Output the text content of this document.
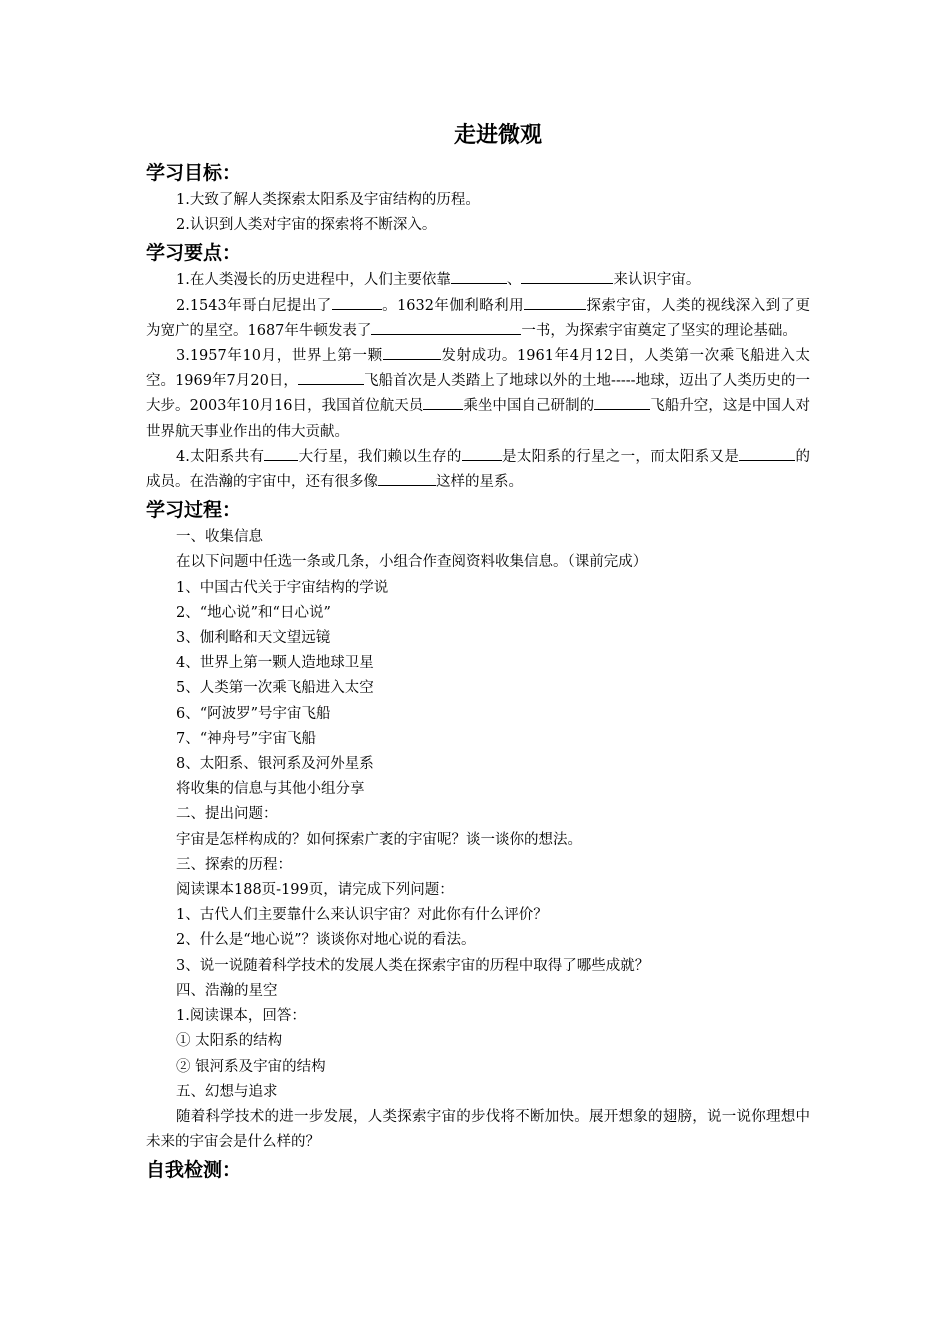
走进微观
学习目标：
1.大致了解人类探索太阳系及宇宙结构的历程。
2.认识到人类对宇宙的探索将不断深入。
学习要点：

1.在人类漫长的历史进程中，人们主要依靠	、	来认识宇宙。

2.1543年哥白尼提出了	。1632年伽利略利用	探索宇宙，人类的视线深入到了更为宽广的星空。1687年牛顿发表了	一书，为探索宇宙奠定了坚实的理论基础。

3.1957年10月，世界上第一颗	发射成功。1961年4月12日，人类第一次乘飞船进入太空。1969年7月20日，	飞船首次是人类踏上了地球以外的土地-----地球，迈出了人类历史的一大步。2003年10月16日，我国首位航天员	乘坐中国自己研制的	飞船升空，这是中国人对世界航天事业作出的伟大贡献。

4.太阳系共有 大行星，我们赖以生存的	是太阳系的行星之一，而太阳系又是	的成员。在浩瀚的宇宙中，还有很多像	这样的星系。

学习过程：
一、收集信息
在以下问题中任选一条或几条，小组合作查阅资料收集信息。（课前完成）
1、中国古代关于宇宙结构的学说
2、“地心说”和“日心说”
3、伽利略和天文望远镜
4、世界上第一颗人造地球卫星
5、人类第一次乘飞船进入太空
6、“阿波罗”号宇宙飞船
7、“神舟号”宇宙飞船
8、太阳系、银河系及河外星系
将收集的信息与其他小组分享
二、提出问题：
宇宙是怎样构成的？如何探索广袤的宇宙呢？谈一谈你的想法。
三、探索的历程：
阅读课本188页-199页，请完成下列问题：
1、古代人们主要靠什么来认识宇宙？对此你有什么评价？
2、什么是“地心说”？谈谈你对地心说的看法。
3、说一说随着科学技术的发展人类在探索宇宙的历程中取得了哪些成就？
四、浩瀚的星空
1.阅读课本，回答：
① 太阳系的结构
② 银河系及宇宙的结构
五、幻想与追求

随着科学技术的进一步发展，人类探索宇宙的步伐将不断加快。展开想象的翅膀，说一说你理想中未来的宇宙会是什么样的？

自我检测：
